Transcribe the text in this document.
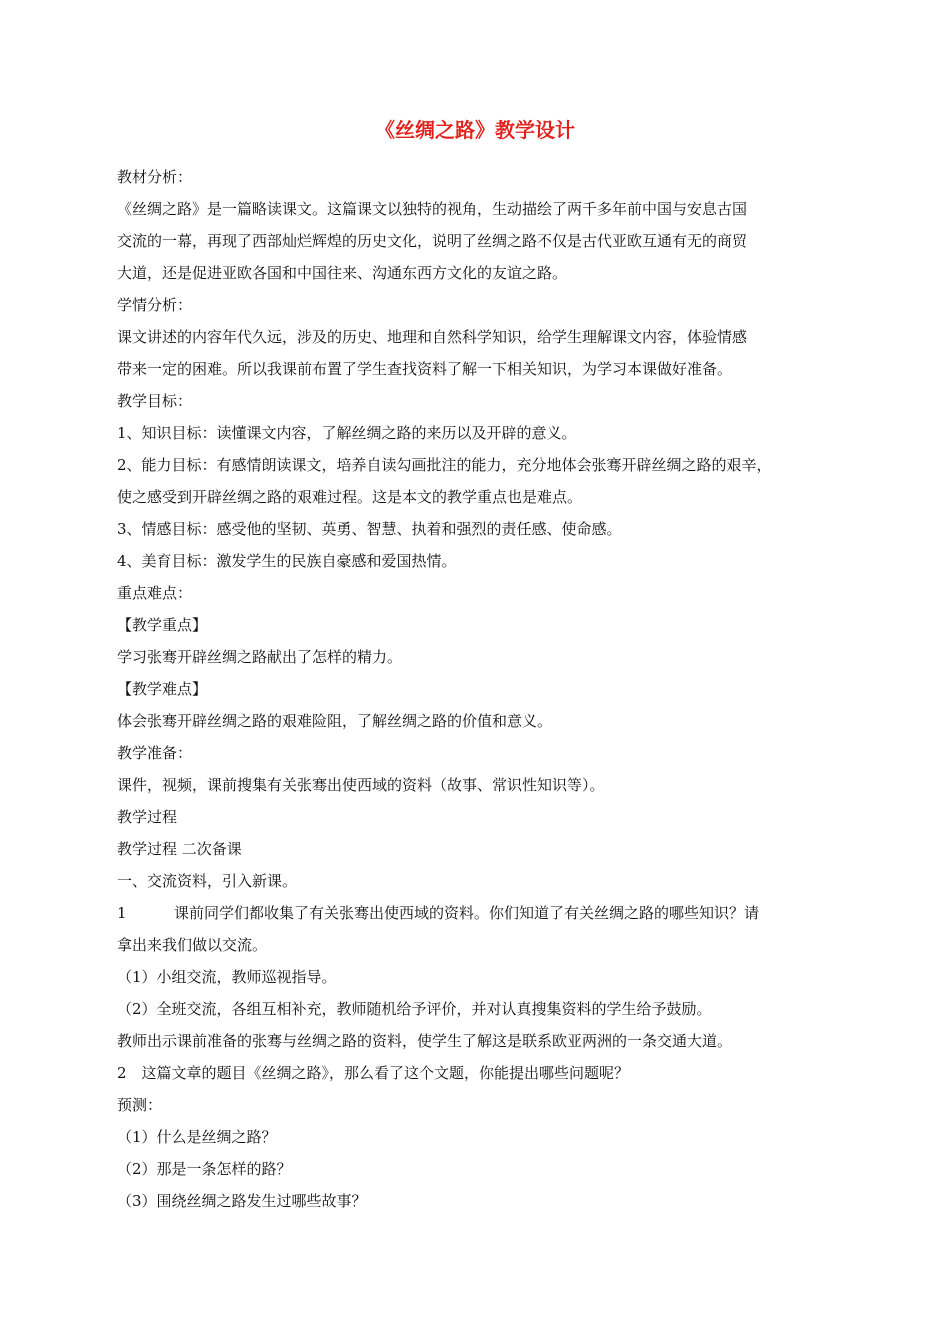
《丝绸之路》教学设计

教材分析：

《丝绸之路》是一篇略读课文。这篇课文以独特的视角，生动描绘了两千多年前中国与安息古国

交流的一幕，再现了西部灿烂辉煌的历史文化，说明了丝绸之路不仅是古代亚欧互通有无的商贸

大道，还是促进亚欧各国和中国往来、沟通东西方文化的友谊之路。

学情分析：

课文讲述的内容年代久远，涉及的历史、地理和自然科学知识，给学生理解课文内容，体验情感

带来一定的困难。所以我课前布置了学生查找资料了解一下相关知识，为学习本课做好准备。

教学目标：

1、知识目标：读懂课文内容，了解丝绸之路的来历以及开辟的意义。

2、能力目标：有感情朗读课文，培养自读勾画批注的能力，充分地体会张骞开辟丝绸之路的艰辛，

使之感受到开辟丝绸之路的艰难过程。这是本文的教学重点也是难点。

3、情感目标：感受他的坚韧、英勇、智慧、执着和强烈的责任感、使命感。

4、美育目标：激发学生的民族自豪感和爱国热情。

重点难点：

【教学重点】

学习张骞开辟丝绸之路献出了怎样的精力。

【教学难点】

体会张骞开辟丝绸之路的艰难险阻，了解丝绸之路的价值和意义。

教学准备：

课件，视频，课前搜集有关张骞出使西域的资料（故事、常识性知识等）。

教学过程

教学过程 二次备课

一、交流资料，引入新课。

1	课前同学们都收集了有关张骞出使西域的资料。你们知道了有关丝绸之路的哪些知识？请

拿出来我们做以交流。

（1）小组交流，教师巡视指导。

（2）全班交流，各组互相补充，教师随机给予评价，并对认真搜集资料的学生给予鼓励。

教师出示课前准备的张骞与丝绸之路的资料，使学生了解这是联系欧亚两洲的一条交通大道。

2　这篇文章的题目《丝绸之路》，那么看了这个文题，你能提出哪些问题呢？

预测：

（1）什么是丝绸之路？

（2）那是一条怎样的路？

（3）围绕丝绸之路发生过哪些故事？
